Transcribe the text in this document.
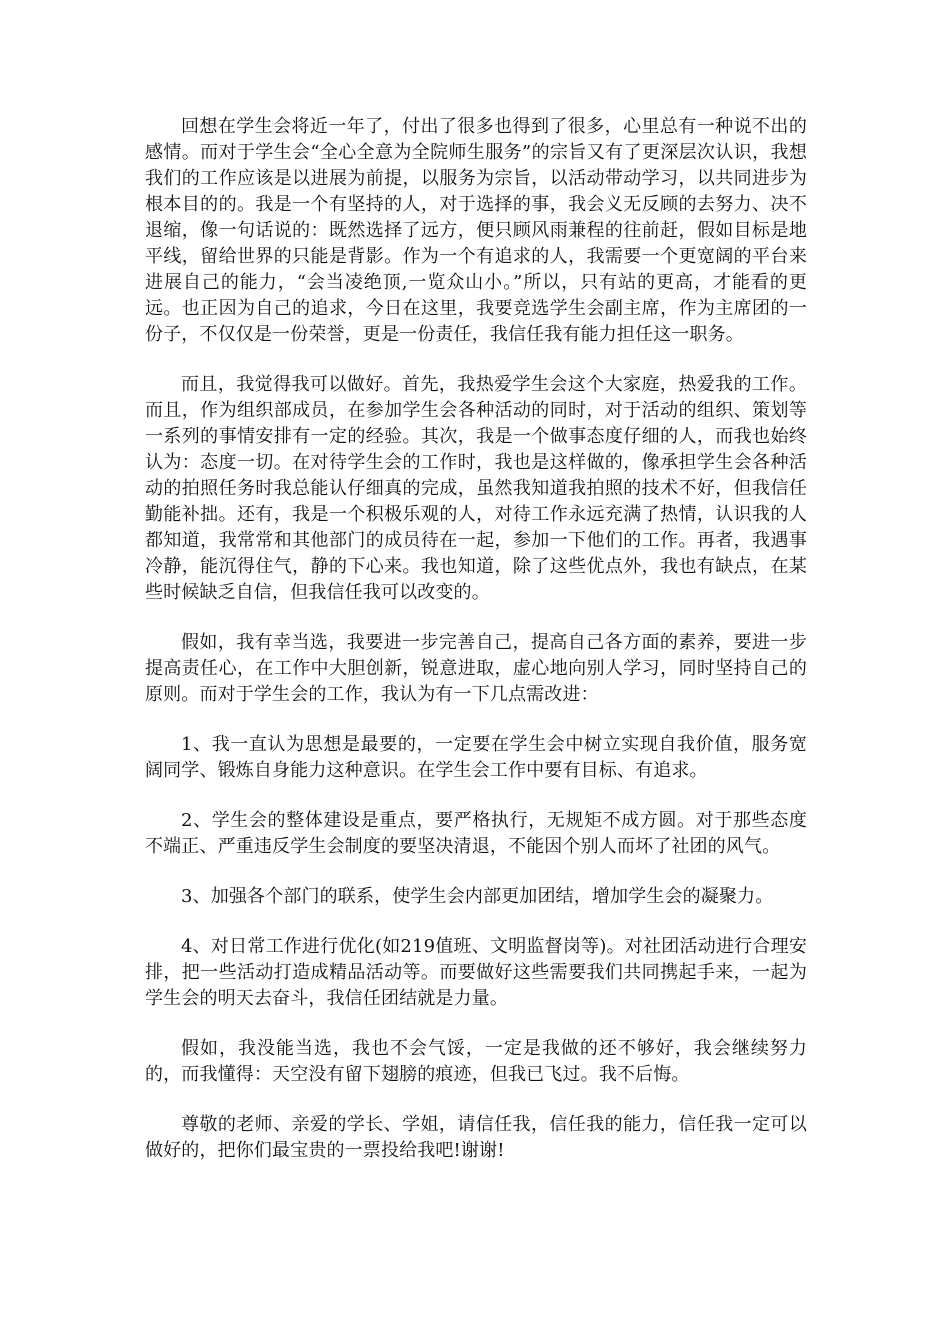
回想在学生会将近一年了，付出了很多也得到了很多，心里总有一种说不出的感情。而对于学生会“全心全意为全院师生服务”的宗旨又有了更深层次认识，我想我们的工作应该是以进展为前提，以服务为宗旨，以活动带动学习，以共同进步为根本目的的。我是一个有坚持的人，对于选择的事，我会义无反顾的去努力、决不退缩，像一句话说的：既然选择了远方，便只顾风雨兼程的往前赶，假如目标是地平线，留给世界的只能是背影。作为一个有追求的人，我需要一个更宽阔的平台来进展自己的能力，“会当凌绝顶,一览众山小。”所以，只有站的更高，才能看的更远。也正因为自己的追求，今日在这里，我要竞选学生会副主席，作为主席团的一份子，不仅仅是一份荣誉，更是一份责任，我信任我有能力担任这一职务。

而且，我觉得我可以做好。首先，我热爱学生会这个大家庭，热爱我的工作。而且，作为组织部成员，在参加学生会各种活动的同时，对于活动的组织、策划等一系列的事情安排有一定的经验。其次，我是一个做事态度仔细的人，而我也始终认为：态度一切。在对待学生会的工作时，我也是这样做的，像承担学生会各种活动的拍照任务时我总能认仔细真的完成，虽然我知道我拍照的技术不好，但我信任勤能补拙。还有，我是一个积极乐观的人，对待工作永远充满了热情，认识我的人都知道，我常常和其他部门的成员待在一起，参加一下他们的工作。再者，我遇事冷静，能沉得住气，静的下心来。我也知道，除了这些优点外，我也有缺点，在某些时候缺乏自信，但我信任我可以改变的。

假如，我有幸当选，我要进一步完善自己，提高自己各方面的素养，要进一步提高责任心，在工作中大胆创新，锐意进取，虚心地向别人学习，同时坚持自己的原则。而对于学生会的工作，我认为有一下几点需改进：

1、我一直认为思想是最要的，一定要在学生会中树立实现自我价值，服务宽阔同学、锻炼自身能力这种意识。在学生会工作中要有目标、有追求。

2、学生会的整体建设是重点，要严格执行，无规矩不成方圆。对于那些态度不端正、严重违反学生会制度的要坚决清退，不能因个别人而坏了社团的风气。

3、加强各个部门的联系，使学生会内部更加团结，增加学生会的凝聚力。

4、对日常工作进行优化(如219值班、文明监督岗等)。对社团活动进行合理安排，把一些活动打造成精品活动等。而要做好这些需要我们共同携起手来，一起为学生会的明天去奋斗，我信任团结就是力量。

假如，我没能当选，我也不会气馁，一定是我做的还不够好，我会继续努力的，而我懂得：天空没有留下翅膀的痕迹，但我已飞过。我不后悔。

尊敬的老师、亲爱的学长、学姐，请信任我，信任我的能力，信任我一定可以做好的，把你们最宝贵的一票投给我吧!谢谢!
